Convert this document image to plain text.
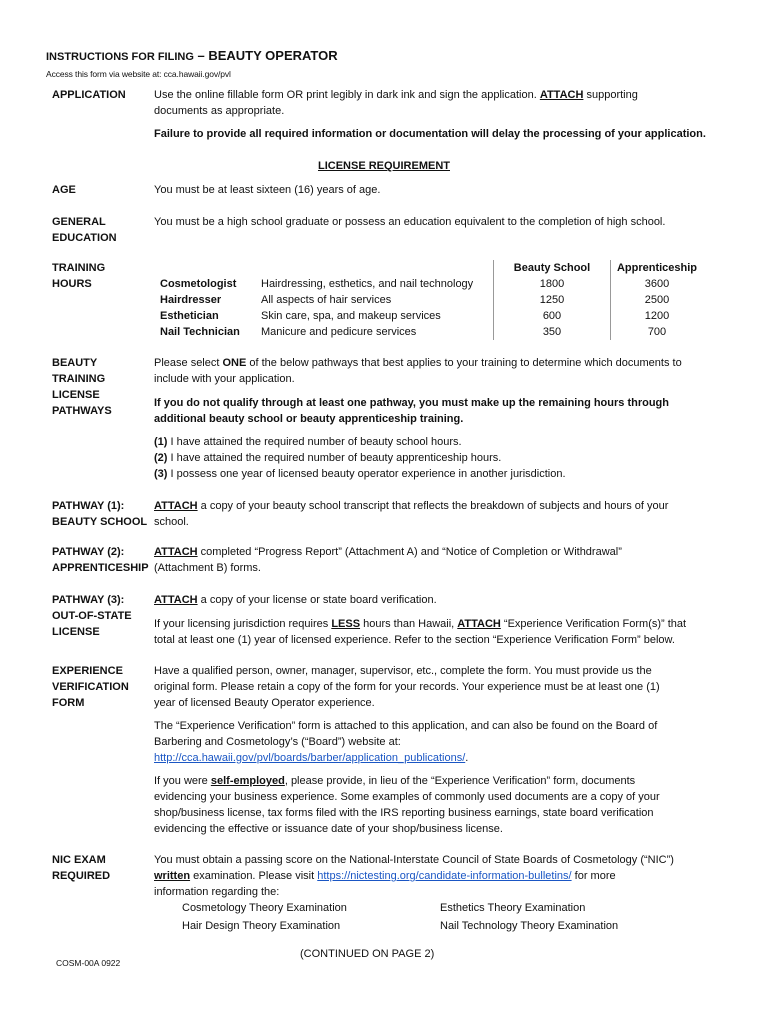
INSTRUCTIONS FOR FILING – BEAUTY OPERATOR
Access this form via website at: cca.hawaii.gov/pvl
APPLICATION	Use the online fillable form OR print legibly in dark ink and sign the application. ATTACH supporting
documents as appropriate.
Failure to provide all required information or documentation will delay the processing of your application.
LICENSE REQUIREMENT
AGE	You must be at least sixteen (16) years of age.
GENERAL
EDUCATION
You must be a high school graduate or possess an education equivalent to the completion of high school.
TRAINING
HOURS
			Beauty School		Apprenticeship
Cosmetologist	Hairdressing, esthetics, and nail technology	1800	3600
Hairdresser	All aspects of hair services	1250	2500
Esthetician	Skin care, spa, and makeup services	600	1200
Nail Technician	Manicure and pedicure services	350	700
BEAUTY
TRAINING
LICENSE
PATHWAYS
Please select ONE of the below pathways that best applies to your training to determine which documents to
include with your application.
If you do not qualify through at least one pathway, you must make up the remaining hours through
additional beauty school or beauty apprenticeship training.
(1) I have attained the required number of beauty school hours.
(2) I have attained the required number of beauty apprenticeship hours.
(3) I possess one year of licensed beauty operator experience in another jurisdiction.
PATHWAY (1):
BEAUTY SCHOOL
ATTACH a copy of your beauty school transcript that reflects the breakdown of subjects and hours of your
school.
PATHWAY (2):
APPRENTICESHIP
ATTACH completed “Progress Report” (Attachment A) and “Notice of Completion or Withdrawal”
(Attachment B) forms.
PATHWAY (3):
OUT-OF-STATE
LICENSE
ATTACH a copy of your license or state board verification.
If your licensing jurisdiction requires LESS hours than Hawaii, ATTACH “Experience Verification Form(s)” that
total at least one (1) year of licensed experience. Refer to the section “Experience Verification Form” below.
EXPERIENCE
VERIFICATION
FORM
Have a qualified person, owner, manager, supervisor, etc., complete the form. You must provide us the
original form. Please retain a copy of the form for your records. Your experience must be at least one (1)
year of licensed Beauty Operator experience.
The “Experience Verification” form is attached to this application, and can also be found on the Board of
Barbering and Cosmetology’s (“Board”) website at:
http://cca.hawaii.gov/pvl/boards/barber/application_publications/.
If you were self-employed, please provide, in lieu of the “Experience Verification” form, documents
evidencing your business experience. Some examples of commonly used documents are a copy of your
shop/business license, tax forms filed with the IRS reporting business earnings, state board verification
evidencing the effective or issuance date of your shop/business license.
NIC EXAM
REQUIRED
You must obtain a passing score on the National-Interstate Council of State Boards of Cosmetology (“NIC”)
written examination. Please visit https://nictesting.org/candidate-information-bulletins/ for more
information regarding the:
Cosmetology Theory Examination
Hair Design Theory Examination
Esthetics Theory Examination
Nail Technology Theory Examination
(CONTINUED ON PAGE 2)
COSM-00A 0922
